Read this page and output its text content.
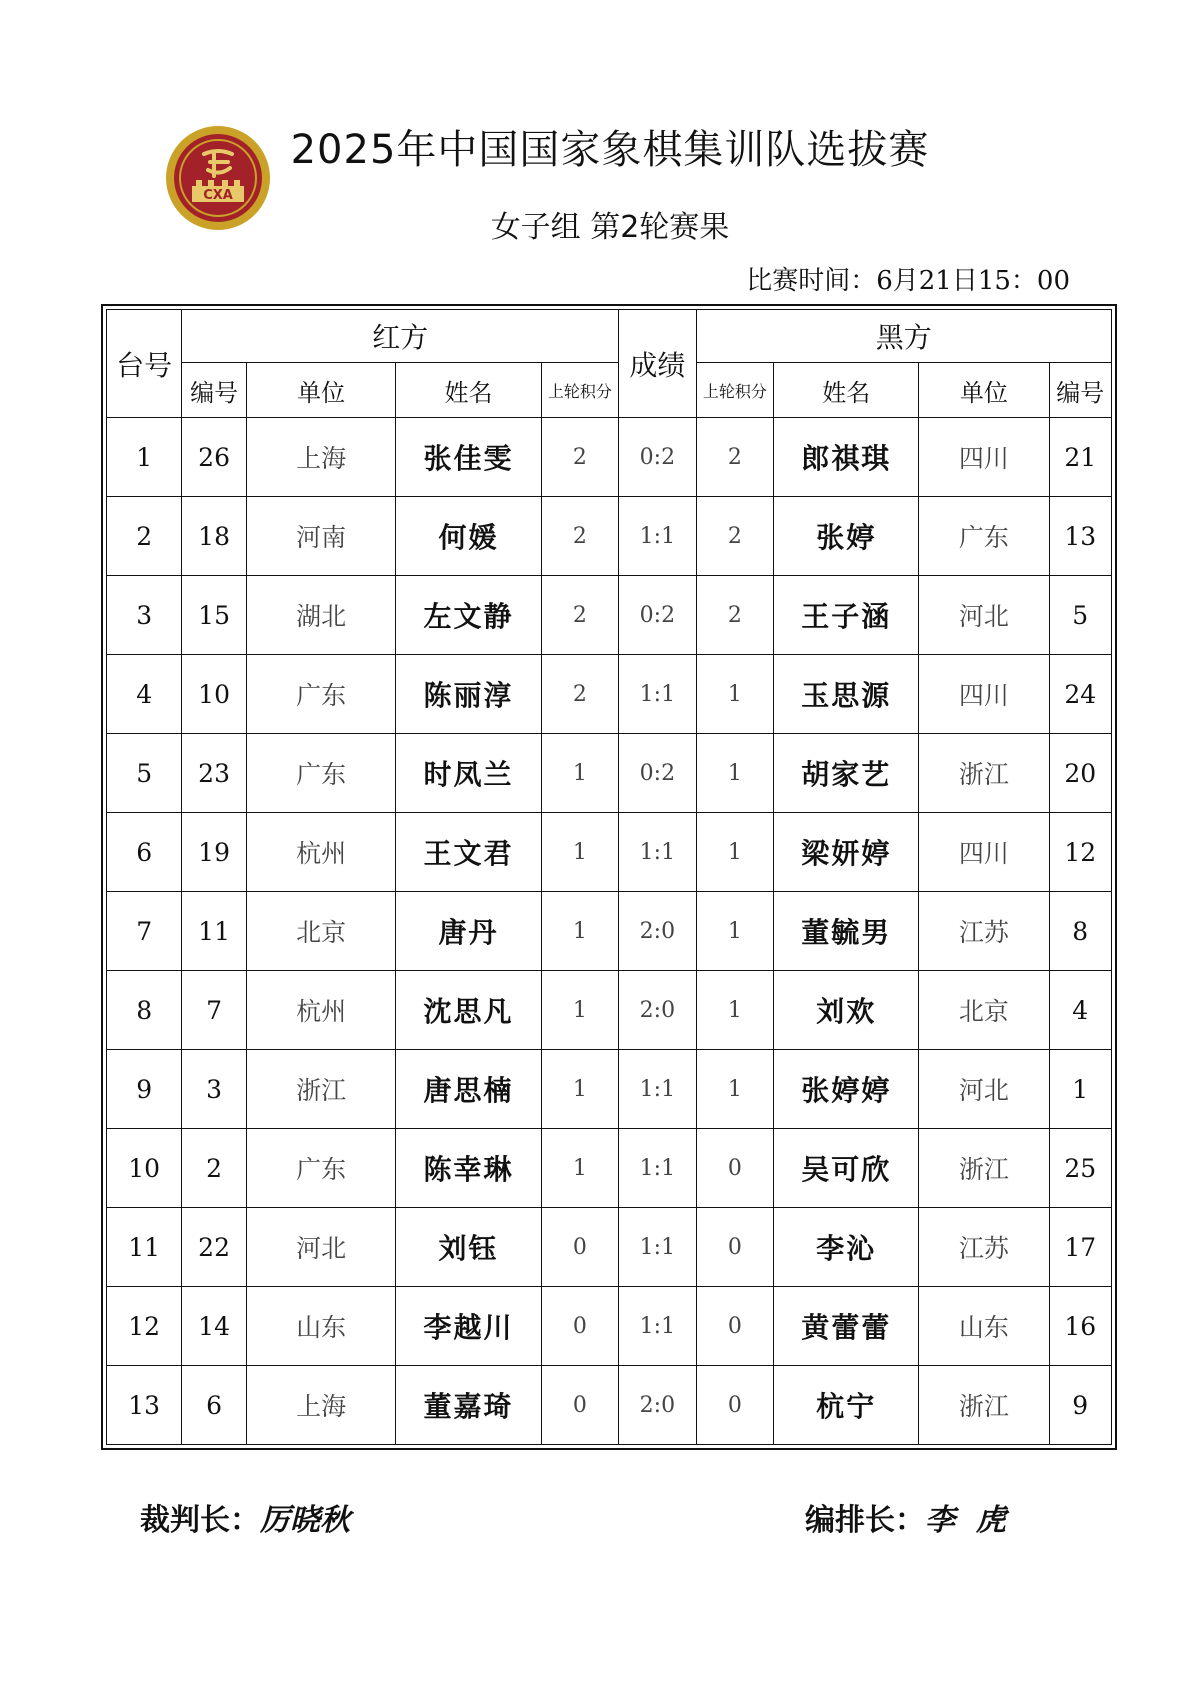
CXA
2025年中国国家象棋集训队选拔赛
女子组 第2轮赛果
比赛时间：6月21日15：00
台号	红方				成绩	黑方			
	编号	单位	姓名	上轮积分		上轮积分	姓名	单位	编号
1	26	上海	张佳雯	2	0:2	2	郎祺琪	四川	21
2	18	河南	何媛	2	1:1	2	张婷	广东	13
3	15	湖北	左文静	2	0:2	2	王子涵	河北	5
4	10	广东	陈丽淳	2	1:1	1	玉思源	四川	24
5	23	广东	时凤兰	1	0:2	1	胡家艺	浙江	20
6	19	杭州	王文君	1	1:1	1	梁妍婷	四川	12
7	11	北京	唐丹	1	2:0	1	董毓男	江苏	8
8	7	杭州	沈思凡	1	2:0	1	刘欢	北京	4
9	3	浙江	唐思楠	1	1:1	1	张婷婷	河北	1
10	2	广东	陈幸琳	1	1:1	0	吴可欣	浙江	25
11	22	河北	刘钰	0	1:1	0	李沁	江苏	17
12	14	山东	李越川	0	1:1	0	黄蕾蕾	山东	16
13	6	上海	董嘉琦	0	2:0	0	杭宁	浙江	9
裁判长：厉晓秋	编排长：李  虎
